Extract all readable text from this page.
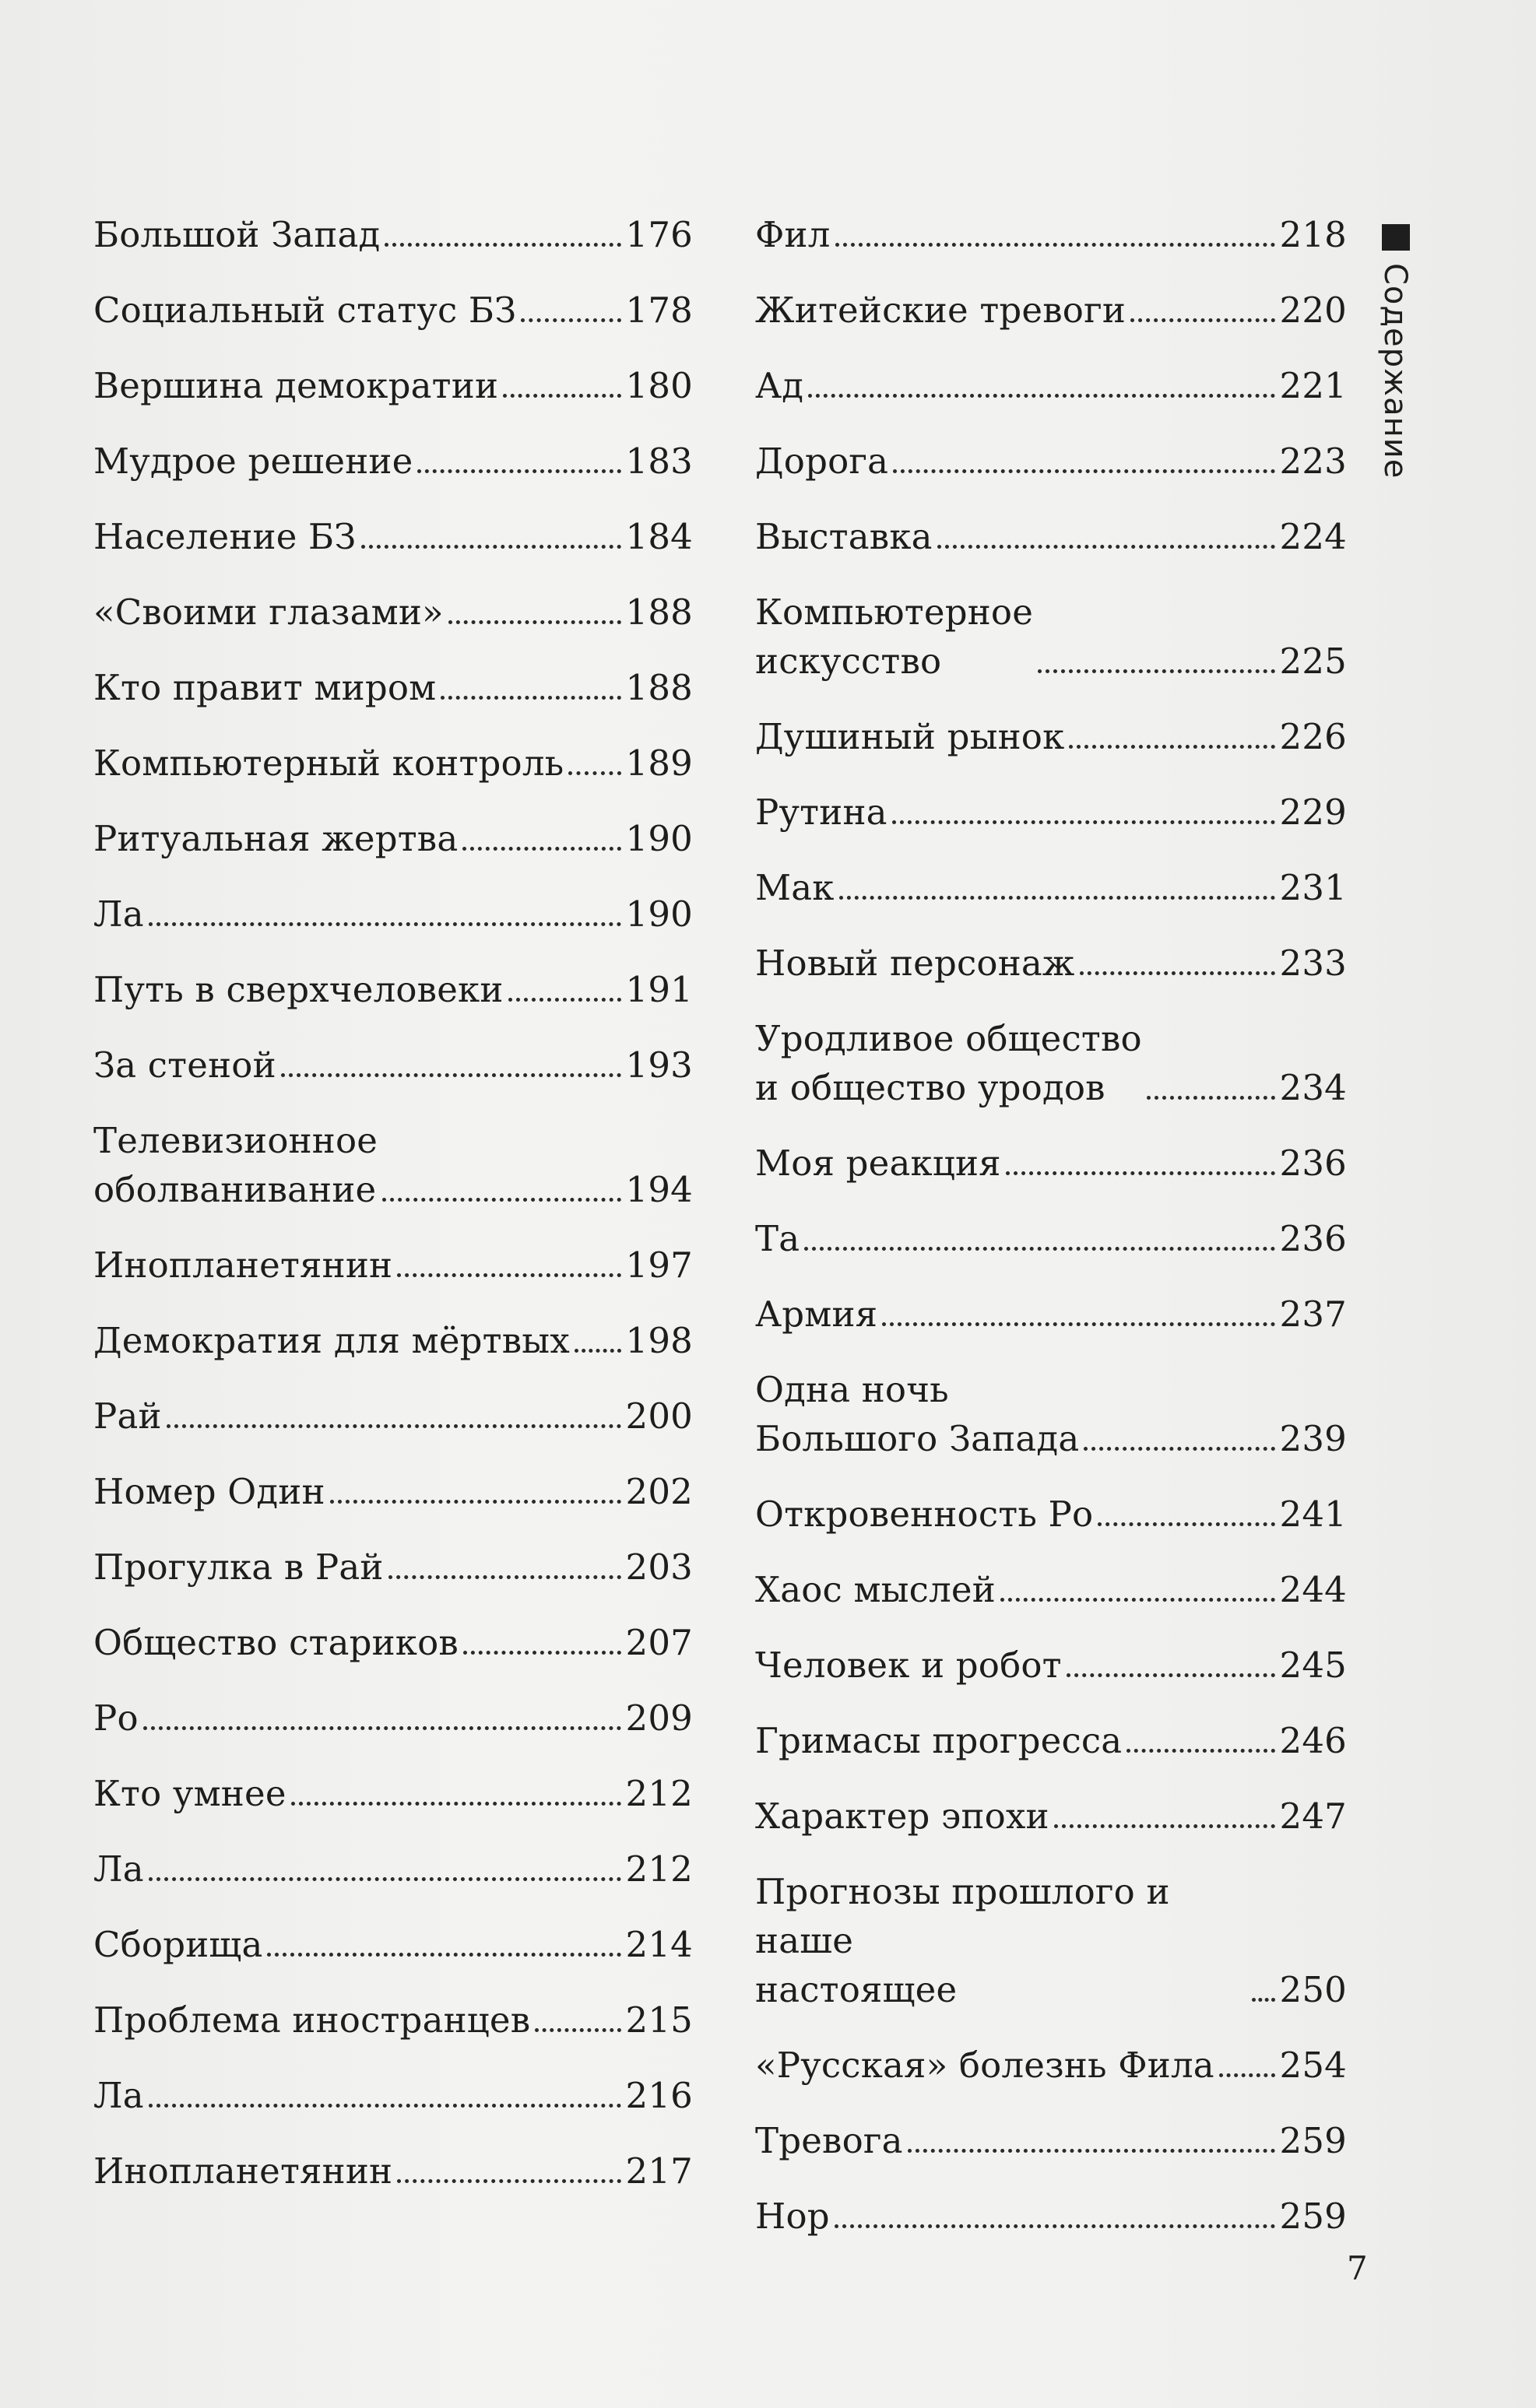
Большой Запад	176
Социальный статус БЗ	178
Вершина демократии	180
Мудрое решение	183
Население БЗ	184
«Своими глазами»	188
Кто правит миром	188
Компьютерный контроль 189
Ритуальная жертва	190
Ла	190
Путь в сверхчеловеки	191
За стеной	193
Телевизионное
оболванивание	194
Инопланетянин	197
Демократия для мёртвых 198
Рай	200
Номер Один	202
Прогулка в Рай	203
Общество стариков	207
Ро	209
Кто умнее	212
Ла	212
Сборища	214
Проблема иностранцев	215
Ла	216
Инопланетянин	217
Фил	218
Житейские тревоги	220
Ад	221
Дорога	223
Выставка	224
Компьютерное
искусство	225
Душиный рынок	226
Рутина	229
Мак	231
Новый персонаж	233
Уродливое общество
и общество уродов	234
Моя реакция	236
Та	236
Армия	237
Одна ночь
Большого Запада	239
Откровенность Ро	241
Хаос мыслей	244
Человек и робот	245
Гримасы прогресса	246
Характер эпохи	247
Прогнозы прошлого и наше
настоящее	250
«Русская» болезнь Фила 254
Тревога	259
Нор	259
Содержание
7
